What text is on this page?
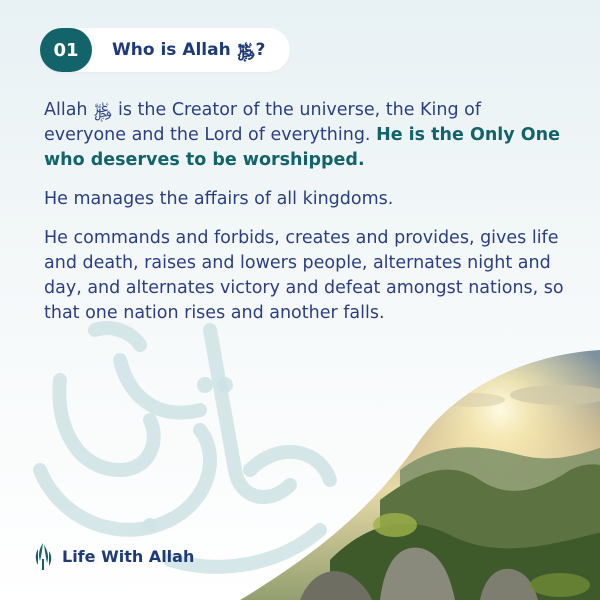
01	Who is Allah ﷿?

Allah ﷿ is the Creator of the universe, the King of everyone and the Lord of everything. He is the Only One who deserves to be worshipped.

He manages the affairs of all kingdoms.

He commands and forbids, creates and provides, gives life and death, raises and lowers people, alternates night and day, and alternates victory and defeat amongst nations, so that one nation rises and another falls.

Life With Allah
